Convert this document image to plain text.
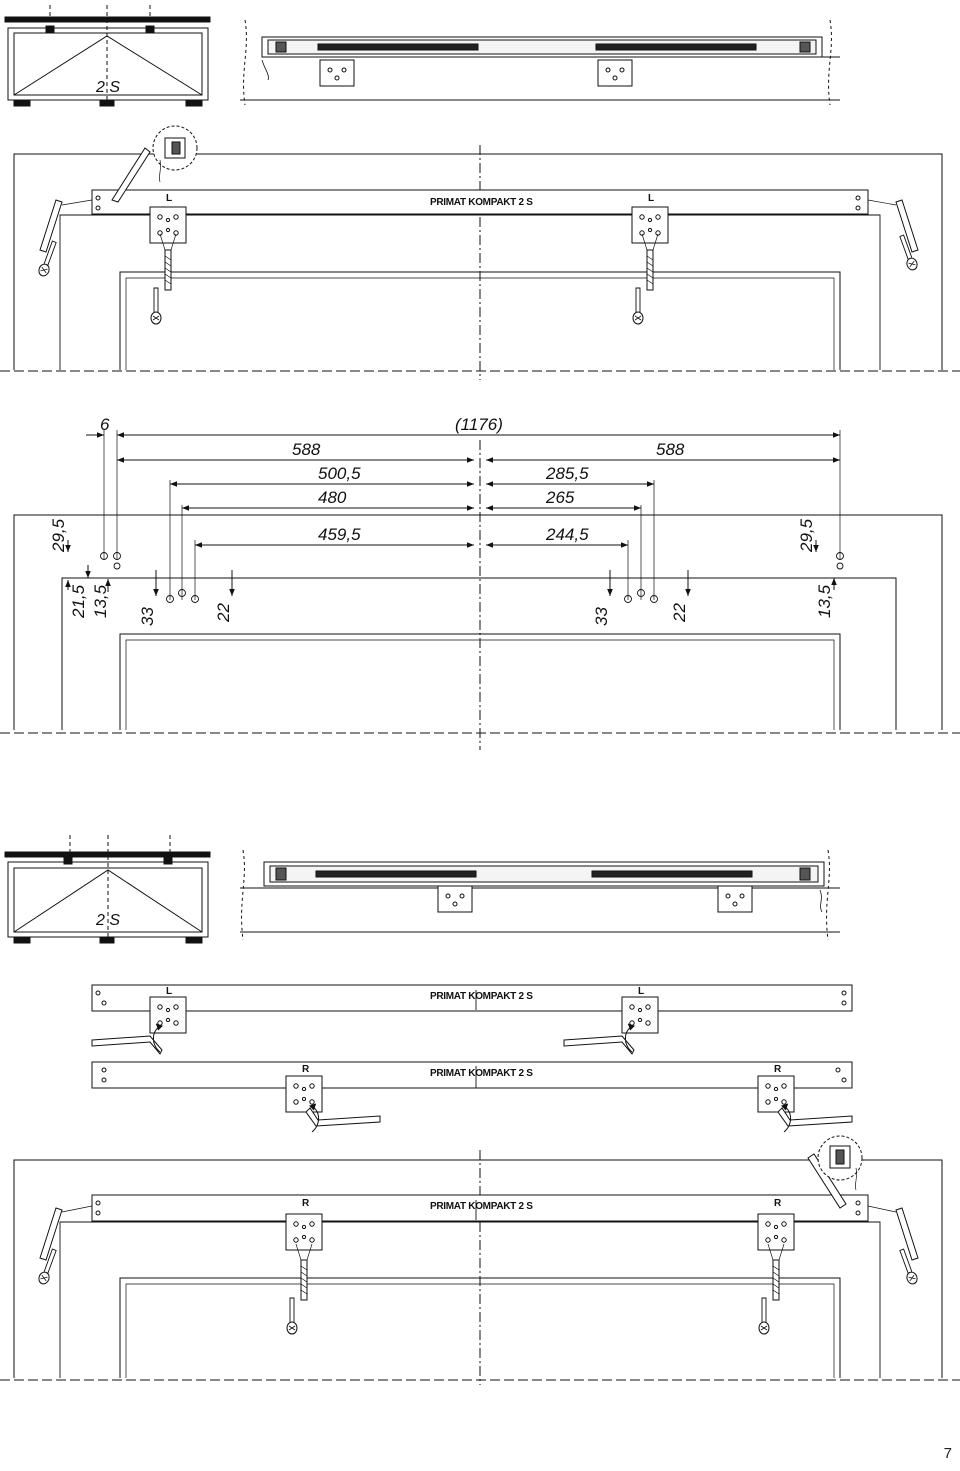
2 S
PRIMAT KOMPAKT 2 S
L	L
(1176)
6
588	588
500,5	285,5
480	265
459,5	244,5
29,5
21,5 13,5 33	22	33	22
29,5
13,5
2 S
PRIMAT KOMPAKT 2 S
L	L
PRIMAT KOMPAKT 2 S
R	R
PRIMAT KOMPAKT 2 S
R	R
7
